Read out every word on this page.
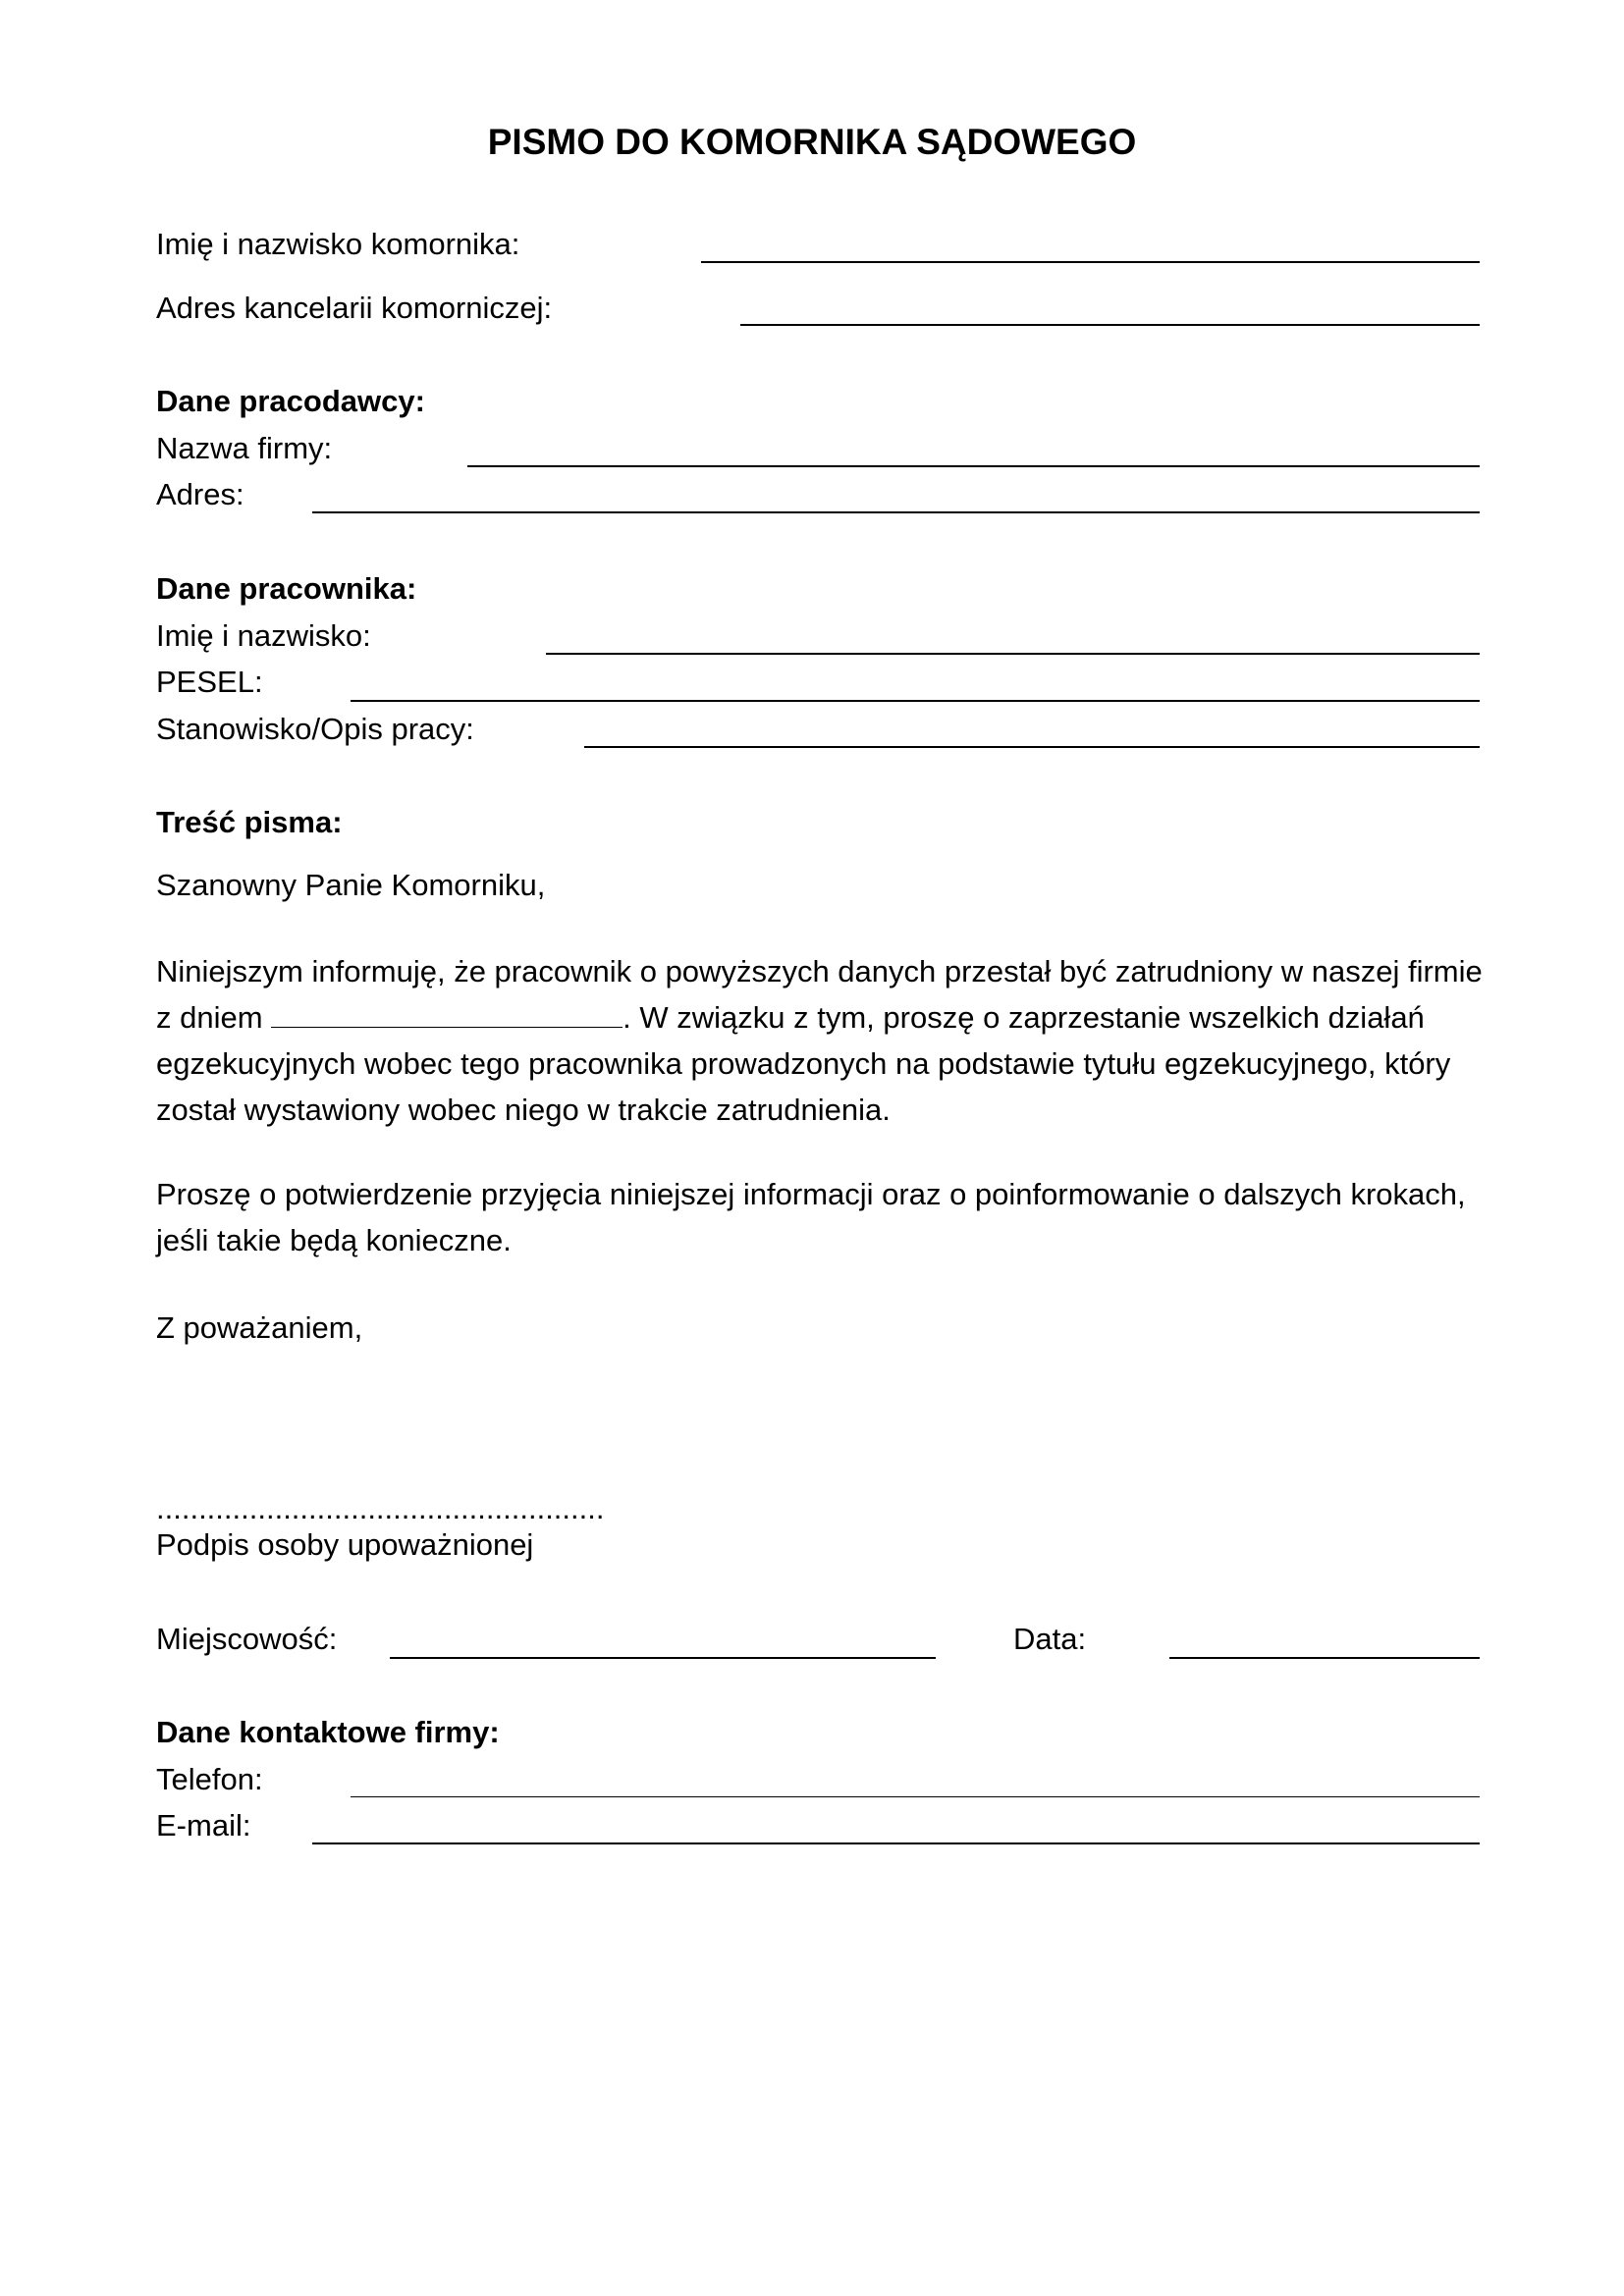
PISMO DO KOMORNIKA SĄDOWEGO
Imię i nazwisko komornika:
Adres kancelarii komorniczej:
Dane pracodawcy:
Nazwa firmy:
Adres:
Dane pracownika:
Imię i nazwisko:
PESEL:
Stanowisko/Opis pracy:
Treść pisma:
Szanowny Panie Komorniku,
Niniejszym informuję, że pracownik o powyższych danych przestał być zatrudniony w naszej firmie
z dniem	. W związku z tym, proszę o zaprzestanie wszelkich działań
egzekucyjnych wobec tego pracownika prowadzonych na podstawie tytułu egzekucyjnego, który
został wystawiony wobec niego w trakcie zatrudnienia.
Proszę o potwierdzenie przyjęcia niniejszej informacji oraz o poinformowanie o dalszych krokach,
jeśli takie będą konieczne.
Z poważaniem,
.....................................................
Podpis osoby upoważnionej
Miejscowość:	Data:
Dane kontaktowe firmy:
Telefon:
E-mail:
